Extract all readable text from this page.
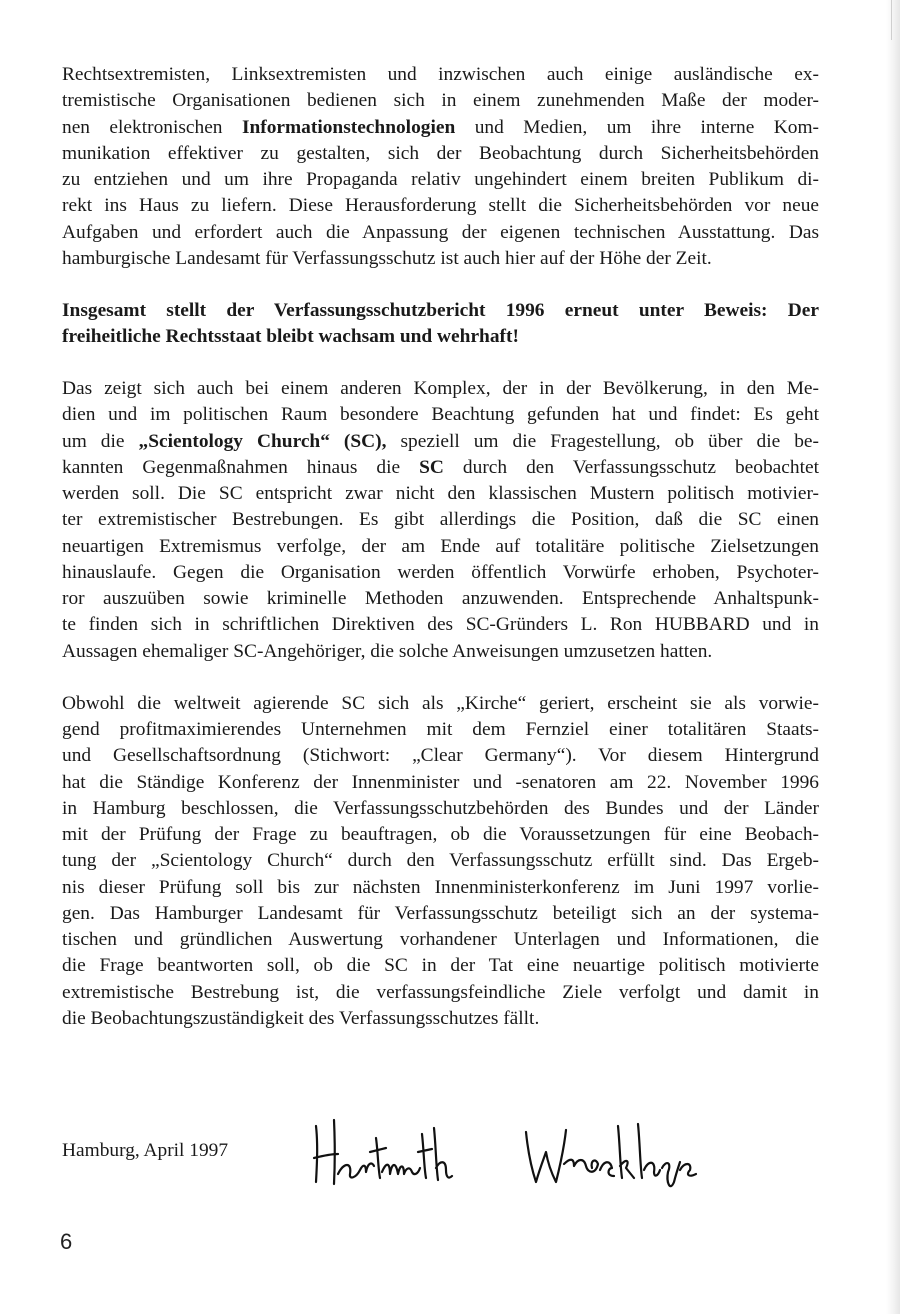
Rechtsextremisten, Linksextremisten und inzwischen auch einige ausländische ex-
tremistische Organisationen bedienen sich in einem zunehmenden Maße der moder-
nen elektronischen Informationstechnologien und Medien, um ihre interne Kom-
munikation effektiver zu gestalten, sich der Beobachtung durch Sicherheitsbehörden
zu entziehen und um ihre Propaganda relativ ungehindert einem breiten Publikum di-
rekt ins Haus zu liefern. Diese Herausforderung stellt die Sicherheitsbehörden vor neue
Aufgaben und erfordert auch die Anpassung der eigenen technischen Ausstattung. Das
hamburgische Landesamt für Verfassungsschutz ist auch hier auf der Höhe der Zeit.
Insgesamt stellt der Verfassungsschutzbericht 1996 erneut unter Beweis: Der
freiheitliche Rechtsstaat bleibt wachsam und wehrhaft!
Das zeigt sich auch bei einem anderen Komplex, der in der Bevölkerung, in den Me-
dien und im politischen Raum besondere Beachtung gefunden hat und findet: Es geht
um die „Scientology Church“ (SC), speziell um die Fragestellung, ob über die be-
kannten Gegenmaßnahmen hinaus die SC durch den Verfassungsschutz beobachtet
werden soll. Die SC entspricht zwar nicht den klassischen Mustern politisch motivier-
ter extremistischer Bestrebungen. Es gibt allerdings die Position, daß die SC einen
neuartigen Extremismus verfolge, der am Ende auf totalitäre politische Zielsetzungen
hinauslaufe. Gegen die Organisation werden öffentlich Vorwürfe erhoben, Psychoter-
ror auszuüben sowie kriminelle Methoden anzuwenden. Entsprechende Anhaltspunk-
te finden sich in schriftlichen Direktiven des SC-Gründers L. Ron HUBBARD und in
Aussagen ehemaliger SC-Angehöriger, die solche Anweisungen umzusetzen hatten.
Obwohl die weltweit agierende SC sich als „Kirche“ geriert, erscheint sie als vorwie-
gend profitmaximierendes Unternehmen mit dem Fernziel einer totalitären Staats-
und Gesellschaftsordnung (Stichwort: „Clear Germany“). Vor diesem Hintergrund
hat die Ständige Konferenz der Innenminister und -senatoren am 22. November 1996
in Hamburg beschlossen, die Verfassungsschutzbehörden des Bundes und der Länder
mit der Prüfung der Frage zu beauftragen, ob die Voraussetzungen für eine Beobach-
tung der „Scientology Church“ durch den Verfassungsschutz erfüllt sind. Das Ergeb-
nis dieser Prüfung soll bis zur nächsten Innenministerkonferenz im Juni 1997 vorlie-
gen. Das Hamburger Landesamt für Verfassungsschutz beteiligt sich an der systema-
tischen und gründlichen Auswertung vorhandener Unterlagen und Informationen, die
die Frage beantworten soll, ob die SC in der Tat eine neuartige politisch motivierte
extremistische Bestrebung ist, die verfassungsfeindliche Ziele verfolgt und damit in
die Beobachtungszuständigkeit des Verfassungsschutzes fällt.
Hamburg, April 1997
6
